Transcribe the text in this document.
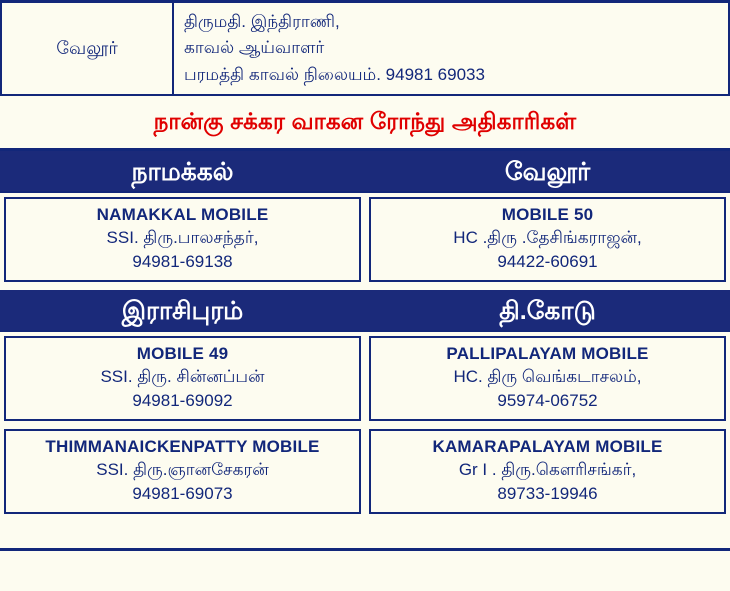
வேலூர்	
திருமதி. இந்திராணி,
காவல் ஆய்வாளர்
பரமத்தி காவல் நிலையம். 94981 69033
நான்கு சக்கர வாகன ரோந்து அதிகாரிகள்
நாமக்கல்	வேலூர்
NAMAKKAL MOBILE
SSI. திரு.பாலசந்தர்,
94981-69138
MOBILE 50
HC .திரு .தேசிங்கராஜன்,
94422-60691
இராசிபுரம்	தி.கோடு
MOBILE 49
SSI. திரு. சின்னப்பன்
94981-69092
THIMMANAICKENPATTY MOBILE
SSI. திரு.ஞானசேகரன்
94981-69073
PALLIPALAYAM MOBILE
HC. திரு வெங்கடாசலம்,
95974-06752
KAMARAPALAYAM MOBILE
Gr I . திரு.கௌரிசங்கர்,
89733-19946
